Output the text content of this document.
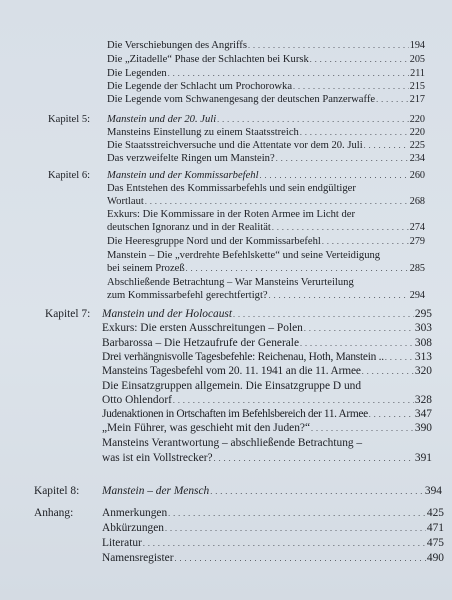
Die Verschiebungen des Angriffs . . .	194
Die „Zitadelle“ Phase der Schlachten bei Kursk . . .	205
Die Legenden . . .	211
Die Legende der Schlacht um Prochorowka . . .	215
Die Legende vom Schwanengesang der deutschen Panzerwaffe . . .	217
Kapitel 5: Manstein und der 20. Juli . . .	220
Mansteins Einstellung zu einem Staatsstreich . . .	220
Die Staatsstreichversuche und die Attentate vor dem 20. Juli . . .	225
Das verzweifelte Ringen um Manstein? . . .	234
Kapitel 6: Manstein und der Kommissarbefehl . . .	260
Das Entstehen des Kommissarbefehls und sein endgültiger
Wortlaut . . .	268
Exkurs: Die Kommissare in der Roten Armee im Licht der
deutschen Ignoranz und in der Realität . . .	274
Die Heeresgruppe Nord und der Kommissarbefehl . . .	279
Manstein – Die „verdrehte Befehlskette“ und seine Verteidigung
bei seinem Prozeß . . .	285
Abschließende Betrachtung – War Mansteins Verurteilung
zum Kommissarbefehl gerechtfertigt? . . .	294
Kapitel 7: Manstein und der Holocaust . . .	295
Exkurs: Die ersten Ausschreitungen – Polen . . .	303
Barbarossa – Die Hetzaufrufe der Generale . . .	308
Drei verhängnisvolle Tagesbefehle: Reichenau, Hoth, Manstein .. . . .	313
Mansteins Tagesbefehl vom 20. 11. 1941 an die 11. Armee . . .	320
Die Einsatzgruppen allgemein. Die Einsatzgruppe D und
Otto Ohlendorf . . .	328
Judenaktionen in Ortschaften im Befehlsbereich der 11. Armee . . .	347
„Mein Führer, was geschieht mit den Juden?“ . . .	390
Mansteins Verantwortung – abschließende Betrachtung –
was ist ein Vollstrecker? . . .	391
Kapitel 8: Manstein – der Mensch . . .	394
Anhang:	Anmerkungen . . .	425
Abkürzungen . . .	471
Literatur . . .	475
Namensregister . . .	490
